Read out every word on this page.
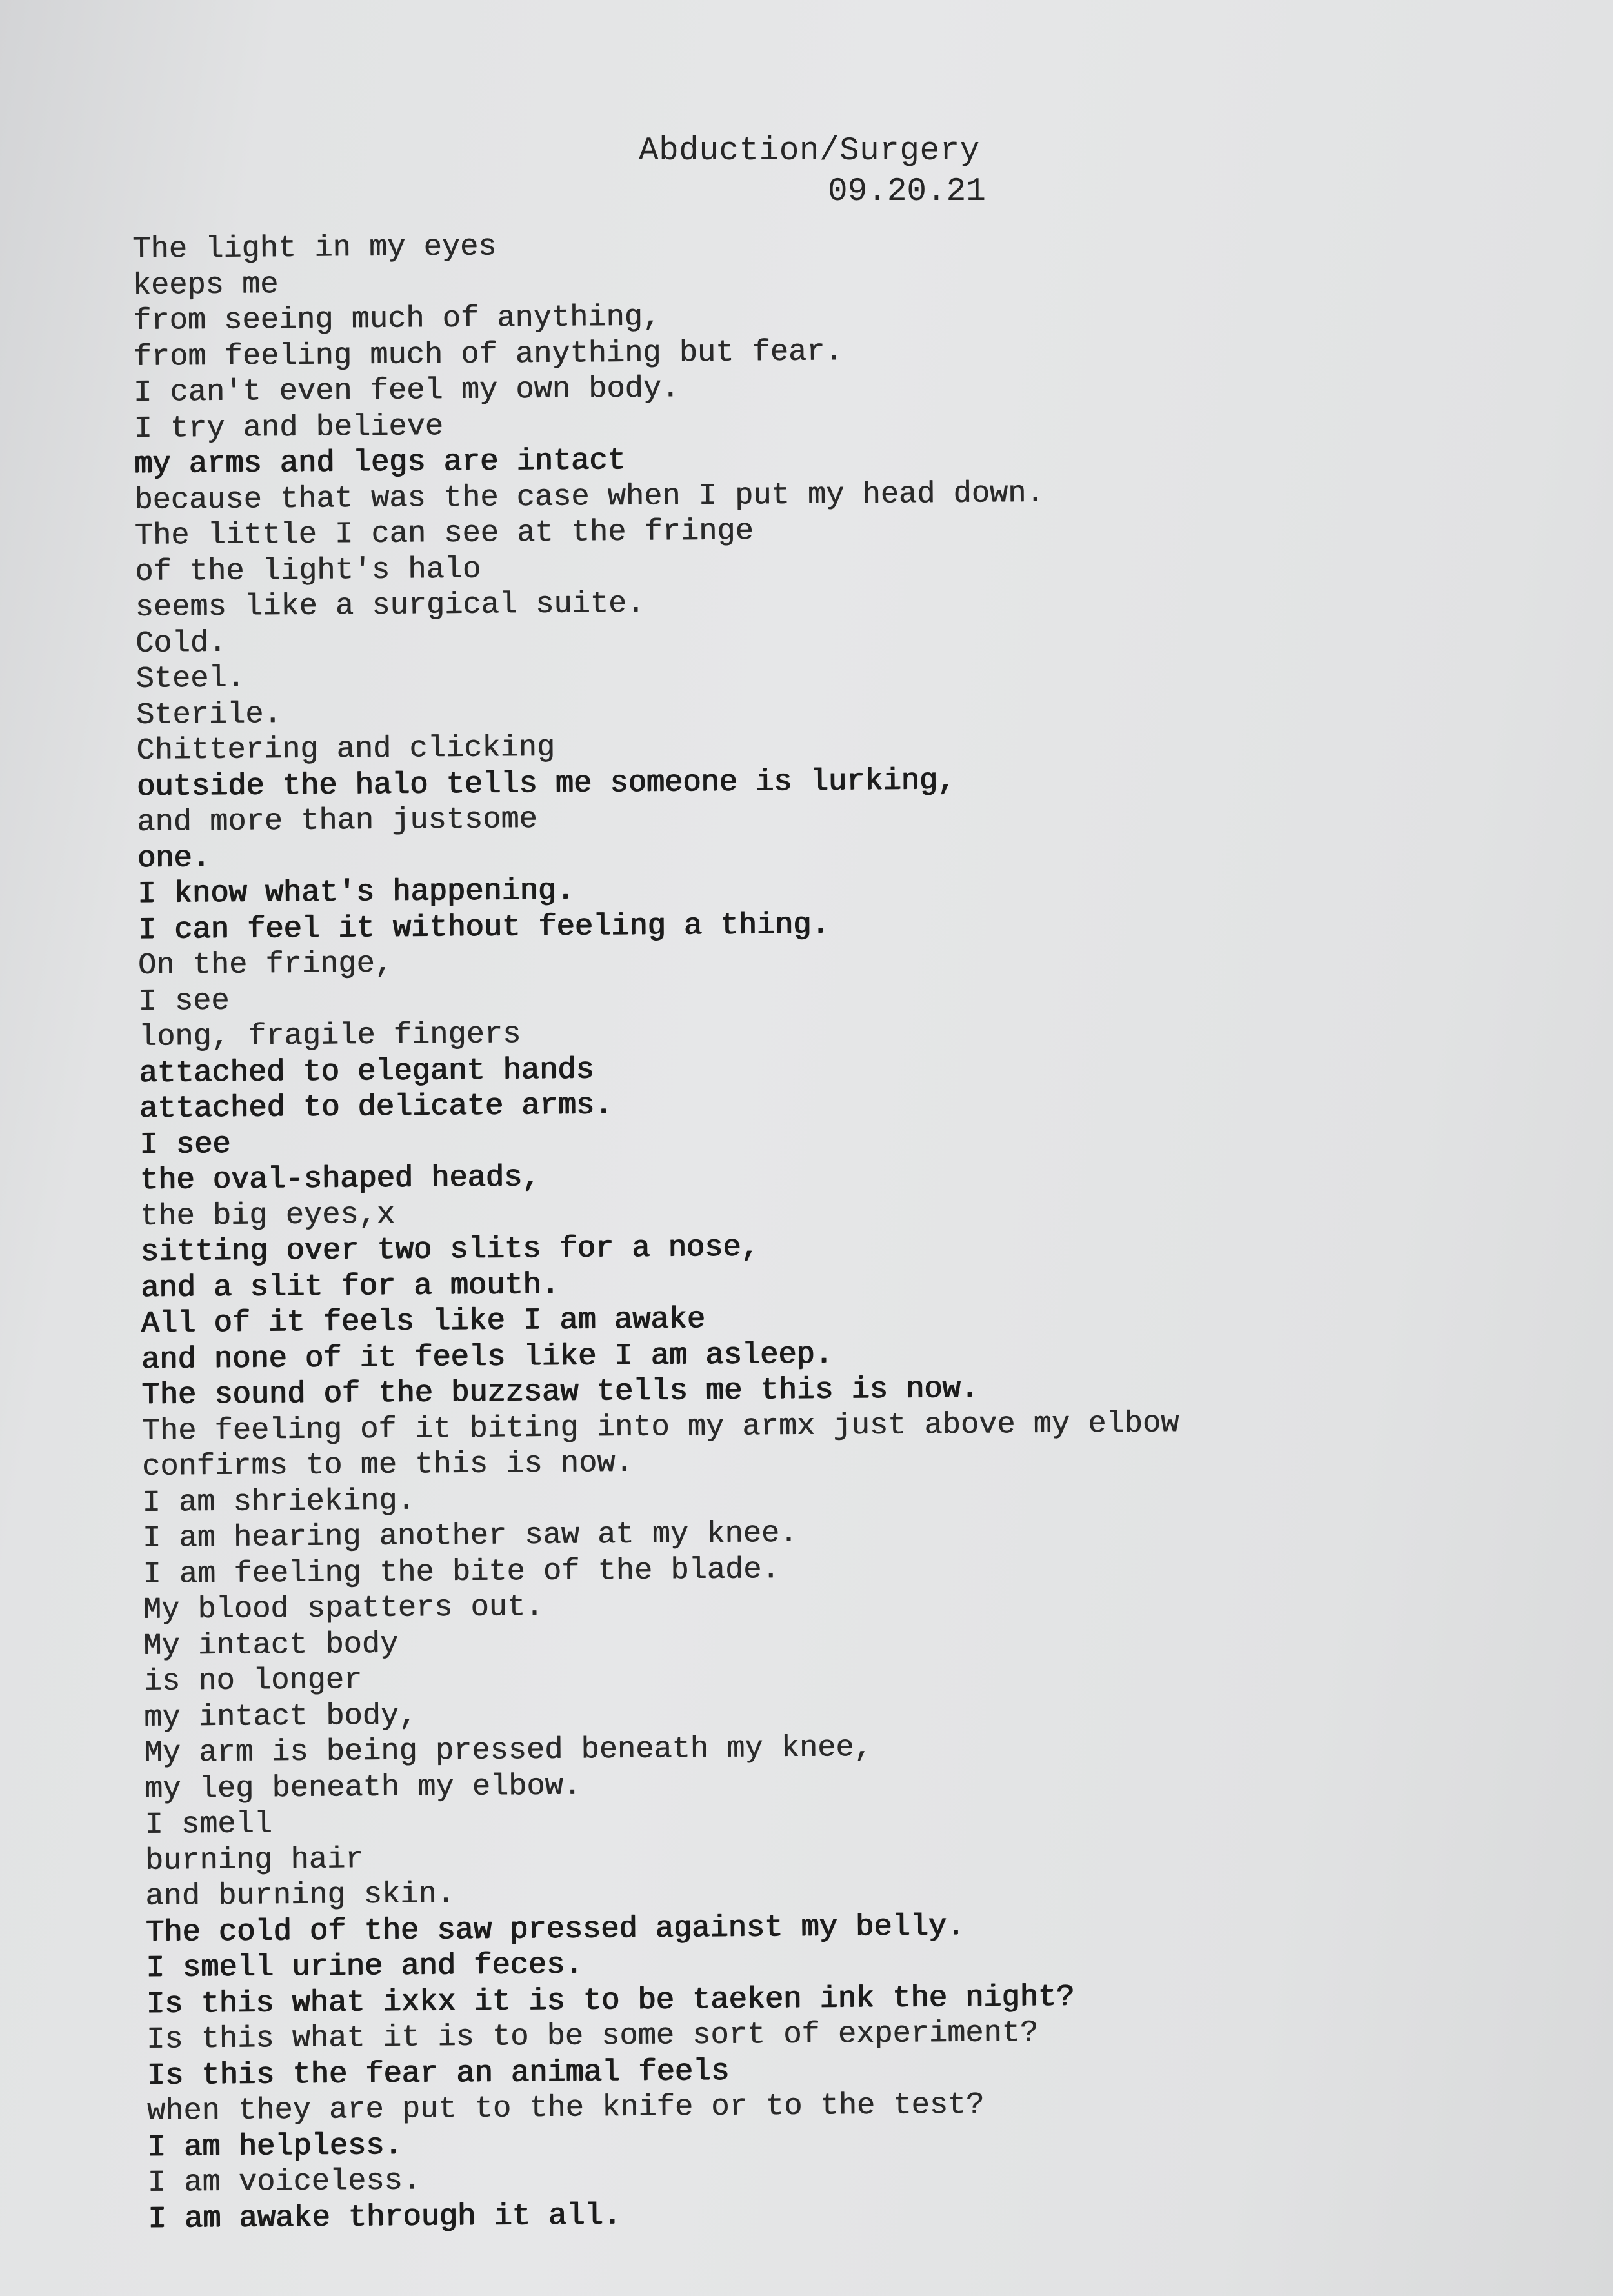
Abduction/Surgery
09.20.21
The light in my eyes
keeps me
from seeing much of anything,
from feeling much of anything but fear.
I can't even feel my own body.
I try and believe
my arms and legs are intact
because that was the case when I put my head down.
The little I can see at the fringe
of the light's halo
seems like a surgical suite.
Cold.
Steel.
Sterile.
Chittering and clicking
outside the halo tells me someone is lurking,
and more than justsome
one.
I know what's happening.
I can feel it without feeling a thing.
On the fringe,
I see
long, fragile fingers
attached to elegant hands
attached to delicate arms.
I see
the oval-shaped heads,
the big eyes,x
sitting over two slits for a nose,
and a slit for a mouth.
All of it feels like I am awake
and none of it feels like I am asleep.
The sound of the buzzsaw tells me this is now.
The feeling of it biting into my armx just above my elbow
confirms to me this is now.
I am shrieking.
I am hearing another saw at my knee.
I am feeling the bite of the blade.
My blood spatters out.
My intact body
is no longer
my intact body,
My arm is being pressed beneath my knee,
my leg beneath my elbow.
I smell
burning hair
and burning skin.
The cold of the saw pressed against my belly.
I smell urine and feces.
Is this what ixkx it is to be taeken ink the night?
Is this what it is to be some sort of experiment?
Is this the fear an animal feels
when they are put to the knife or to the test?
I am helpless.
I am voiceless.
I am awake through it all.
